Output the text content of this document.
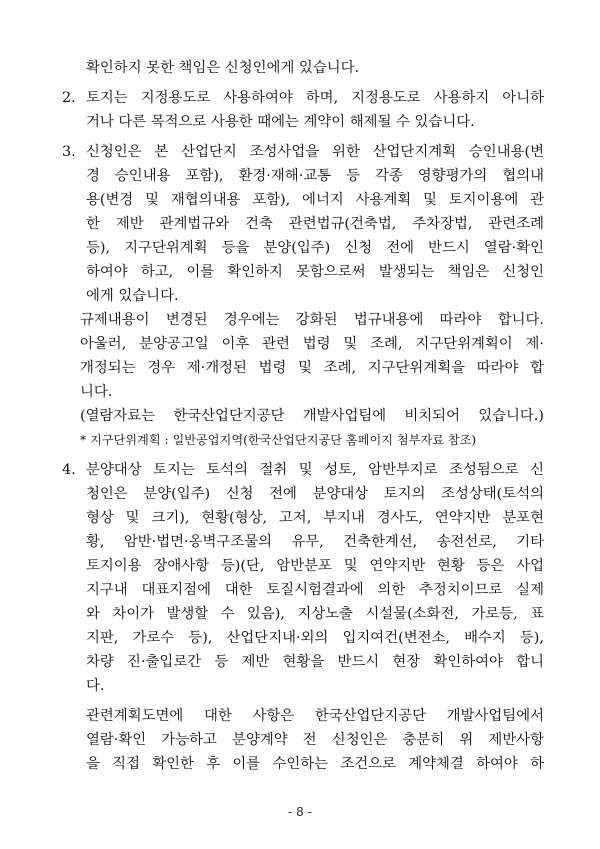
확인하지 못한 책임은 신청인에게 있습니다.
2. 토지는 지정용도로 사용하여야 하며, 지정용도로 사용하지 아니하
거나 다른 목적으로 사용한 때에는 계약이 해제될 수 있습니다.
3. 신청인은 본 산업단지 조성사업을 위한 산업단지계획 승인내용(변
경 승인내용 포함), 환경·재해·교통 등 각종 영향평가의 협의내
용(변경 및 재협의내용 포함), 에너지 사용계획 및 토지이용에 관
한 제반 관계법규와 건축 관련법규(건축법, 주차장법, 관련조례
등), 지구단위계획 등을 분양(입주) 신청 전에 반드시 열람·확인
하여야 하고, 이를 확인하지 못함으로써 발생되는 책임은 신청인
에게 있습니다.
규제내용이 변경된 경우에는 강화된 법규내용에 따라야 합니다.
아울러, 분양공고일 이후 관련 법령 및 조례, 지구단위계획이 제·
개정되는 경우 제·개정된 법령 및 조례, 지구단위계획을 따라야 합
니다.
(열람자료는 한국산업단지공단 개발사업팀에 비치되어 있습니다.)
* 지구단위계획 : 일반공업지역(한국산업단지공단 홈페이지 첨부자료 참조)
4. 분양대상 토지는 토석의 절취 및 성토, 암반부지로 조성됨으로 신
청인은 분양(입주) 신청 전에 분양대상 토지의 조성상태(토석의
형상 및 크기), 현황(형상, 고저, 부지내 경사도, 연약지반 분포현
황, 암반·법면·옹벽구조물의 유무, 건축한계선, 송전선로, 기타
토지이용 장애사항 등)(단, 암반분포 및 연약지반 현황 등은 사업
지구내 대표지점에 대한 토질시험결과에 의한 추정치이므로 실제
와 차이가 발생할 수 있음), 지상노출 시설물(소화전, 가로등, 표
지판, 가로수 등), 산업단지내·외의 입지여건(변전소, 배수지 등),
차량 진·출입로간 등 제반 현황을 반드시 현장 확인하여야 합니
다.
관련계획도면에 대한 사항은 한국산업단지공단 개발사업팀에서
열람·확인 가능하고 분양계약 전 신청인은 충분히 위 제반사항
을 직접 확인한 후 이를 수인하는 조건으로 계약체결 하여야 하
- 8 -
